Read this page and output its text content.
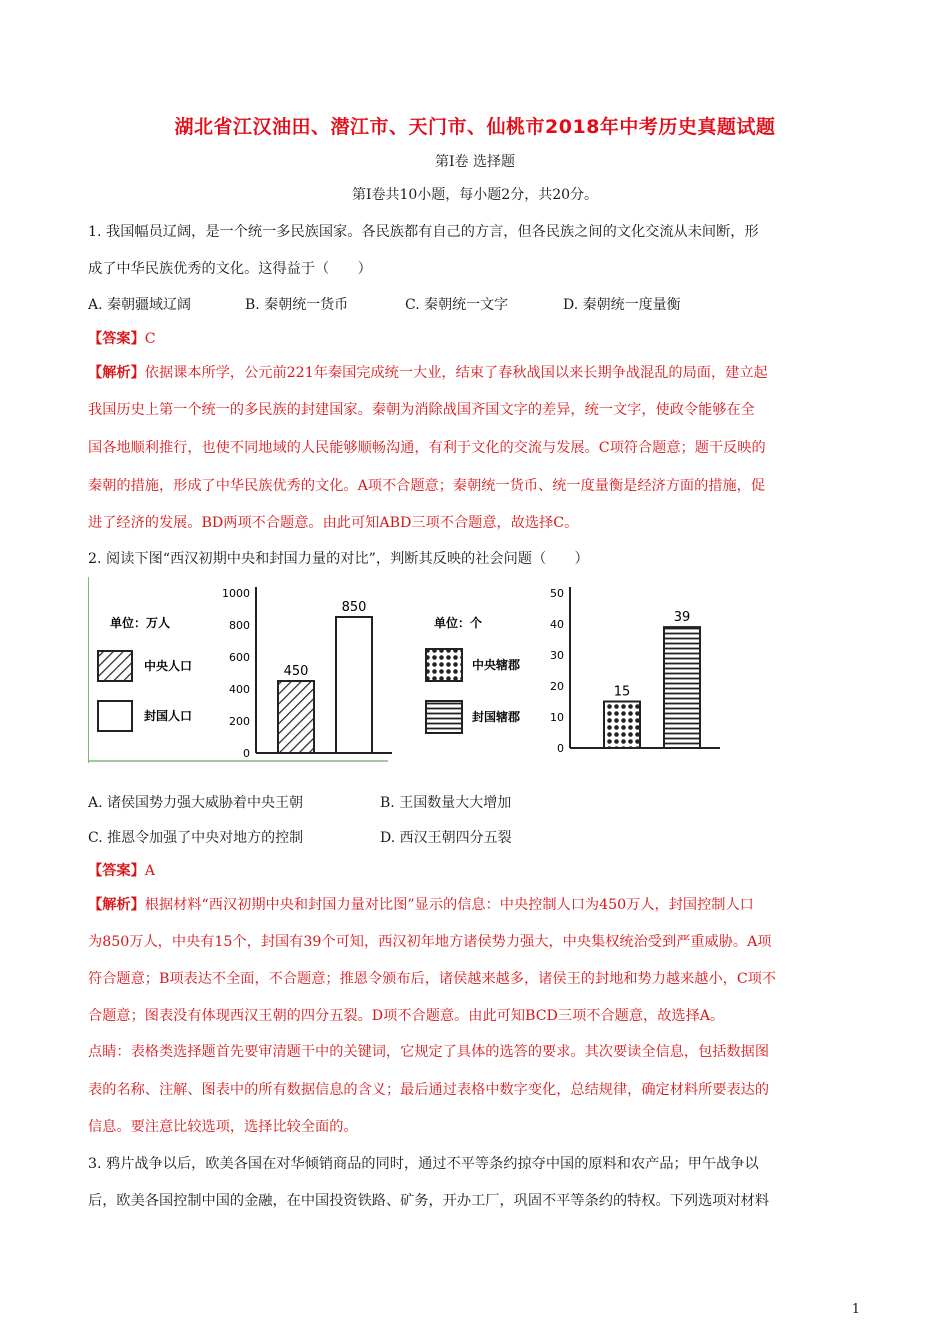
湖北省江汉油田、潜江市、天门市、仙桃市2018年中考历史真题试题
第Ⅰ卷 选择题
第Ⅰ卷共10小题，每小题2分，共20分。
1. 我国幅员辽阔，是一个统一多民族国家。各民族都有自己的方言，但各民族之间的文化交流从未间断，形
成了中华民族优秀的文化。这得益于（　　）
A. 秦朝疆域辽阔	B. 秦朝统一货币	C. 秦朝统一文字	D. 秦朝统一度量衡
【答案】C
【解析】依据课本所学，公元前221年秦国完成统一大业，结束了春秋战国以来长期争战混乱的局面，建立起
我国历史上第一个统一的多民族的封建国家。秦朝为消除战国齐国文字的差异，统一文字，使政令能够在全
国各地顺利推行，也使不同地域的人民能够顺畅沟通，有利于文化的交流与发展。C项符合题意；题干反映的
秦朝的措施，形成了中华民族优秀的文化。A项不合题意；秦朝统一货币、统一度量衡是经济方面的措施，促
进了经济的发展。BD两项不合题意。由此可知ABD三项不合题意，故选择C。
2. 阅读下图“西汉初期中央和封国力量的对比”，判断其反映的社会问题（　　）
单位：万人
中央人口
封国人口
0
200
400
600
800
1000
450
850
单位：个
中央辖郡
封国辖郡
0
10
20
30
40
50
15
39
A. 诸侯国势力强大威胁着中央王朝	B. 王国数量大大增加
C. 推恩令加强了中央对地方的控制	D. 西汉王朝四分五裂
【答案】A
【解析】根据材料“西汉初期中央和封国力量对比图”显示的信息：中央控制人口为450万人，封国控制人口
为850万人，中央有15个，封国有39个可知，西汉初年地方诸侯势力强大，中央集权统治受到严重威胁。A项
符合题意；B项表达不全面，不合题意；推恩令颁布后，诸侯越来越多，诸侯王的封地和势力越来越小，C项不
合题意；图表没有体现西汉王朝的四分五裂。D项不合题意。由此可知BCD三项不合题意，故选择A。
点睛：表格类选择题首先要审清题干中的关键词，它规定了具体的选答的要求。其次要读全信息，包括数据图
表的名称、注解、图表中的所有数据信息的含义；最后通过表格中数字变化，总结规律，确定材料所要表达的
信息。要注意比较选项，选择比较全面的。
3. 鸦片战争以后，欧美各国在对华倾销商品的同时，通过不平等条约掠夺中国的原料和农产品；甲午战争以
后，欧美各国控制中国的金融，在中国投资铁路、矿务，开办工厂，巩固不平等条约的特权。下列选项对材料
1
